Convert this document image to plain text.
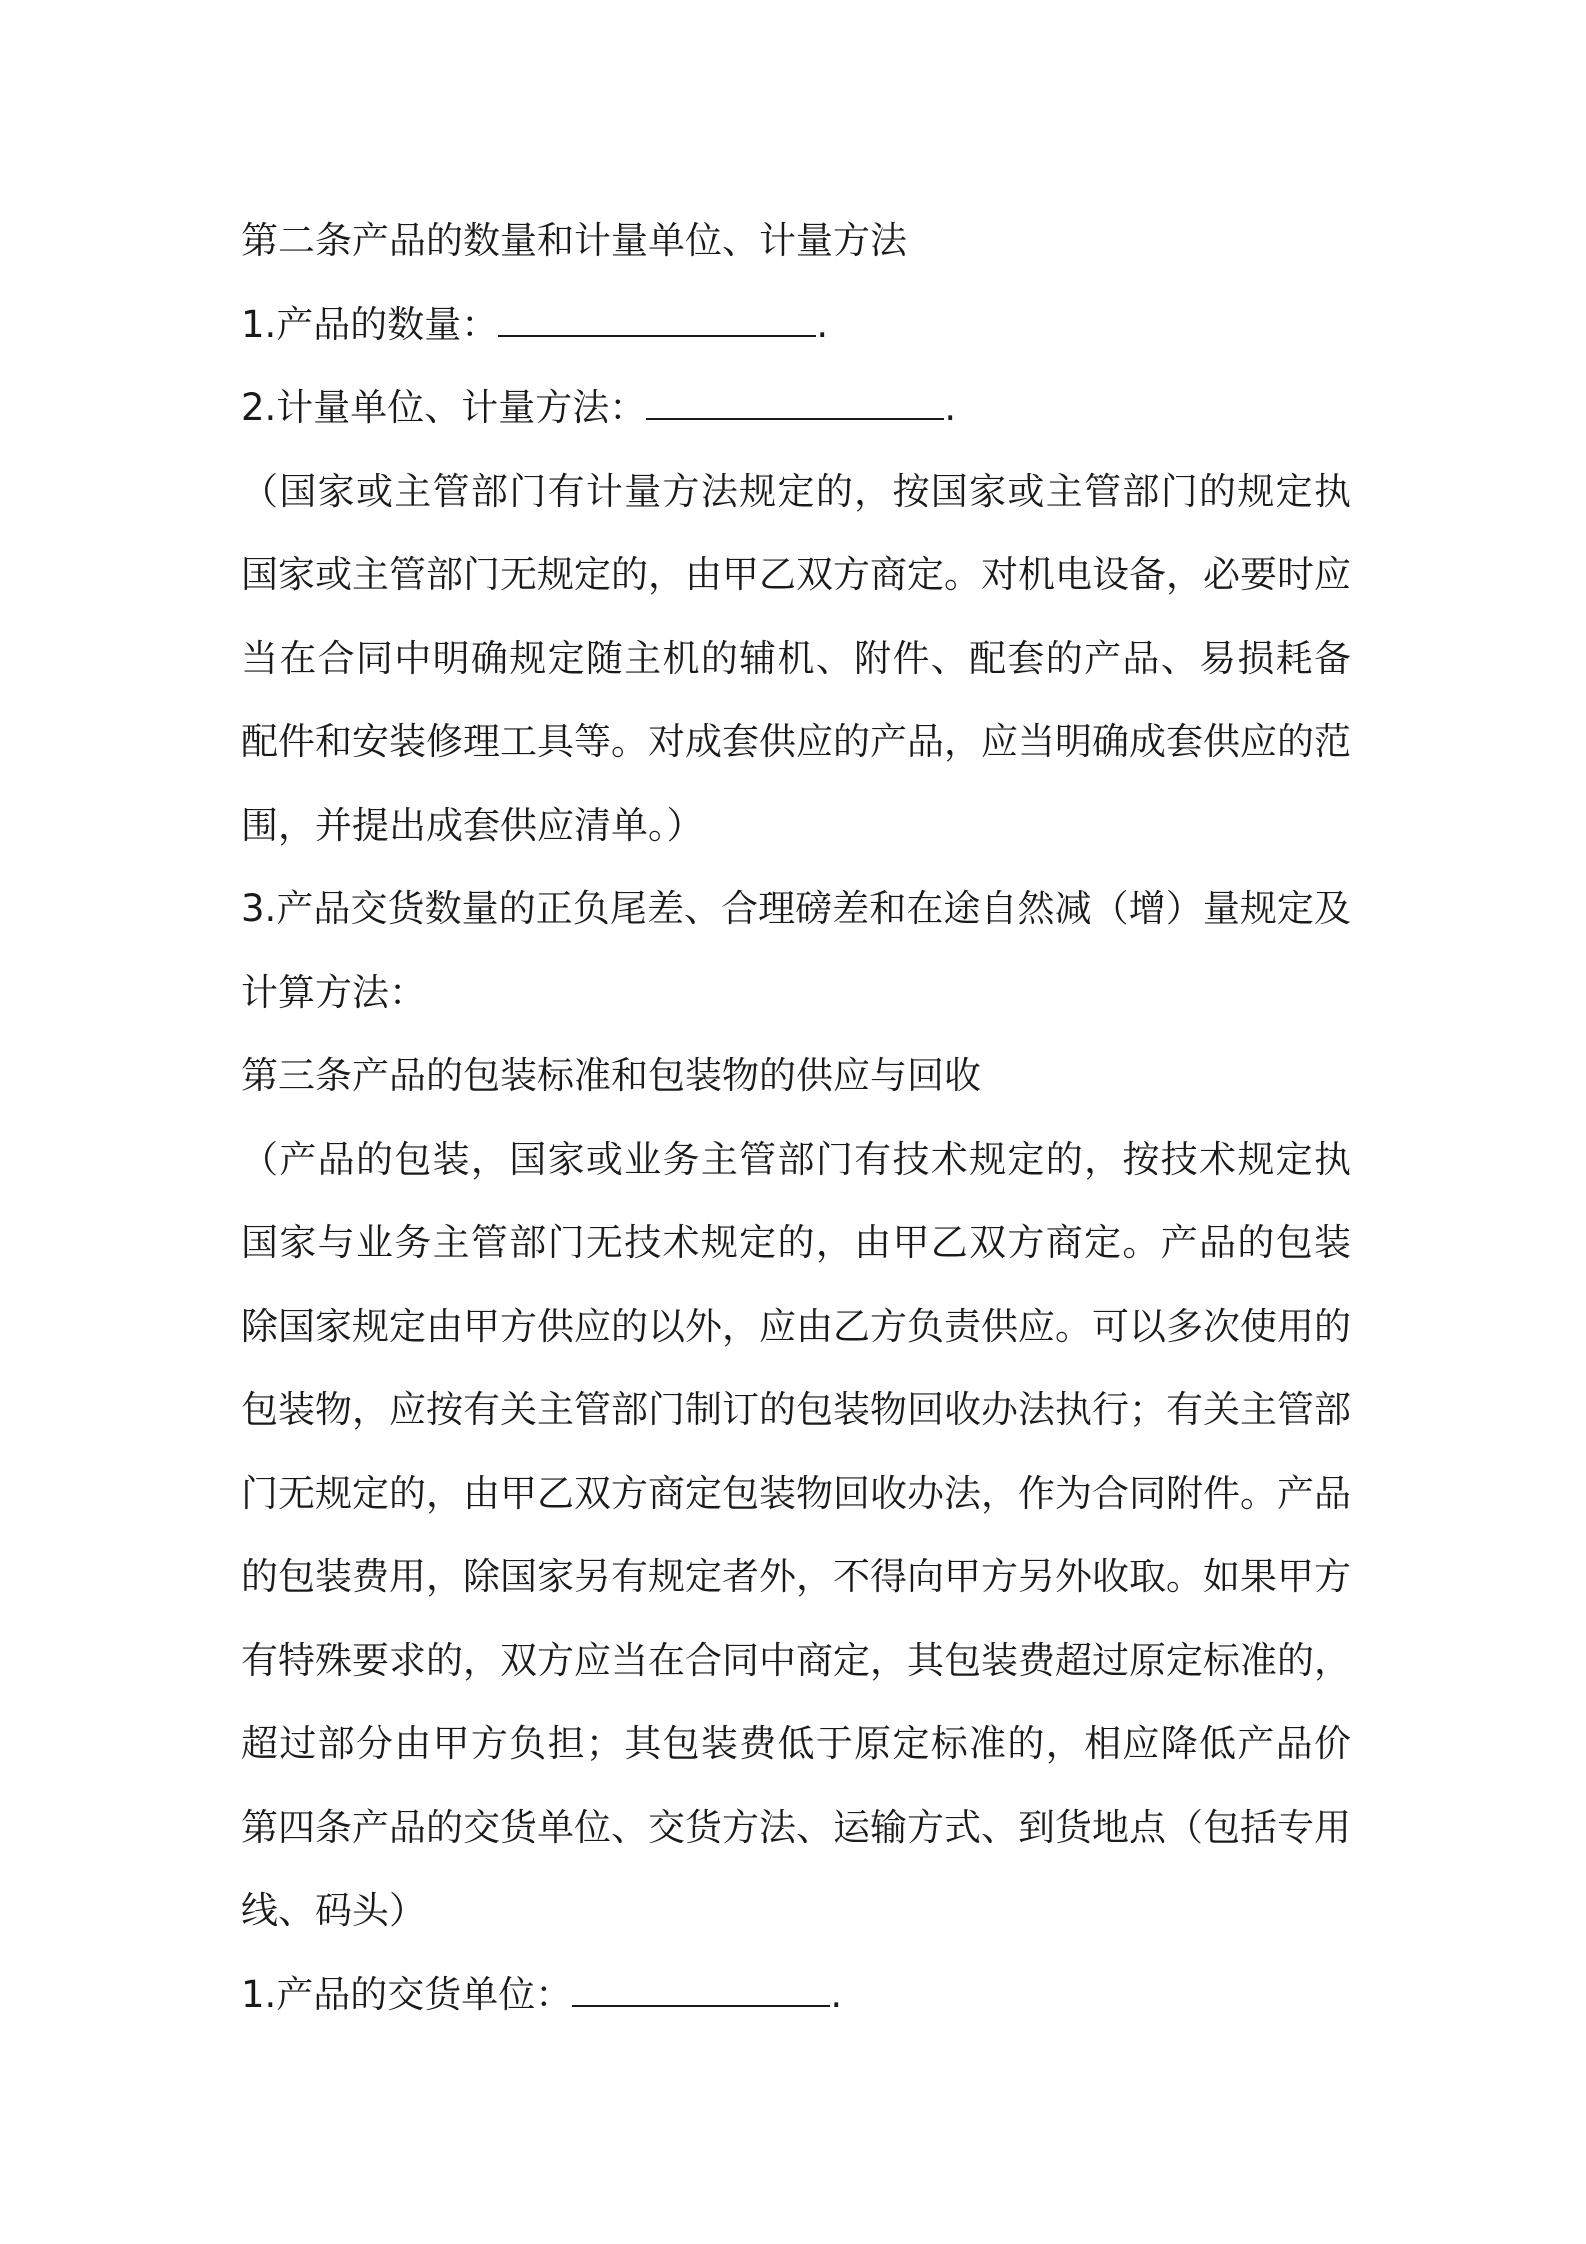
第二条产品的数量和计量单位、计量方法
1.产品的数量：	.
2.计量单位、计量方法：	.
（国家或主管部门有计量方法规定的，按国家或主管部门的规定执
国家或主管部门无规定的，由甲乙双方商定。对机电设备，必要时应
当在合同中明确规定随主机的辅机、附件、配套的产品、易损耗备
配件和安装修理工具等。对成套供应的产品，应当明确成套供应的范
围，并提出成套供应清单。）
3.产品交货数量的正负尾差、合理磅差和在途自然减（增）量规定及
计算方法：
第三条产品的包装标准和包装物的供应与回收
（产品的包装，国家或业务主管部门有技术规定的，按技术规定执
国家与业务主管部门无技术规定的，由甲乙双方商定。产品的包装
除国家规定由甲方供应的以外，应由乙方负责供应。可以多次使用的
包装物，应按有关主管部门制订的包装物回收办法执行；有关主管部
门无规定的，由甲乙双方商定包装物回收办法，作为合同附件。产品
的包装费用，除国家另有规定者外，不得向甲方另外收取。如果甲方
有特殊要求的，双方应当在合同中商定，其包装费超过原定标准的，
超过部分由甲方负担；其包装费低于原定标准的，相应降低产品价
第四条产品的交货单位、交货方法、运输方式、到货地点（包括专用
线、码头）
1.产品的交货单位：	.
